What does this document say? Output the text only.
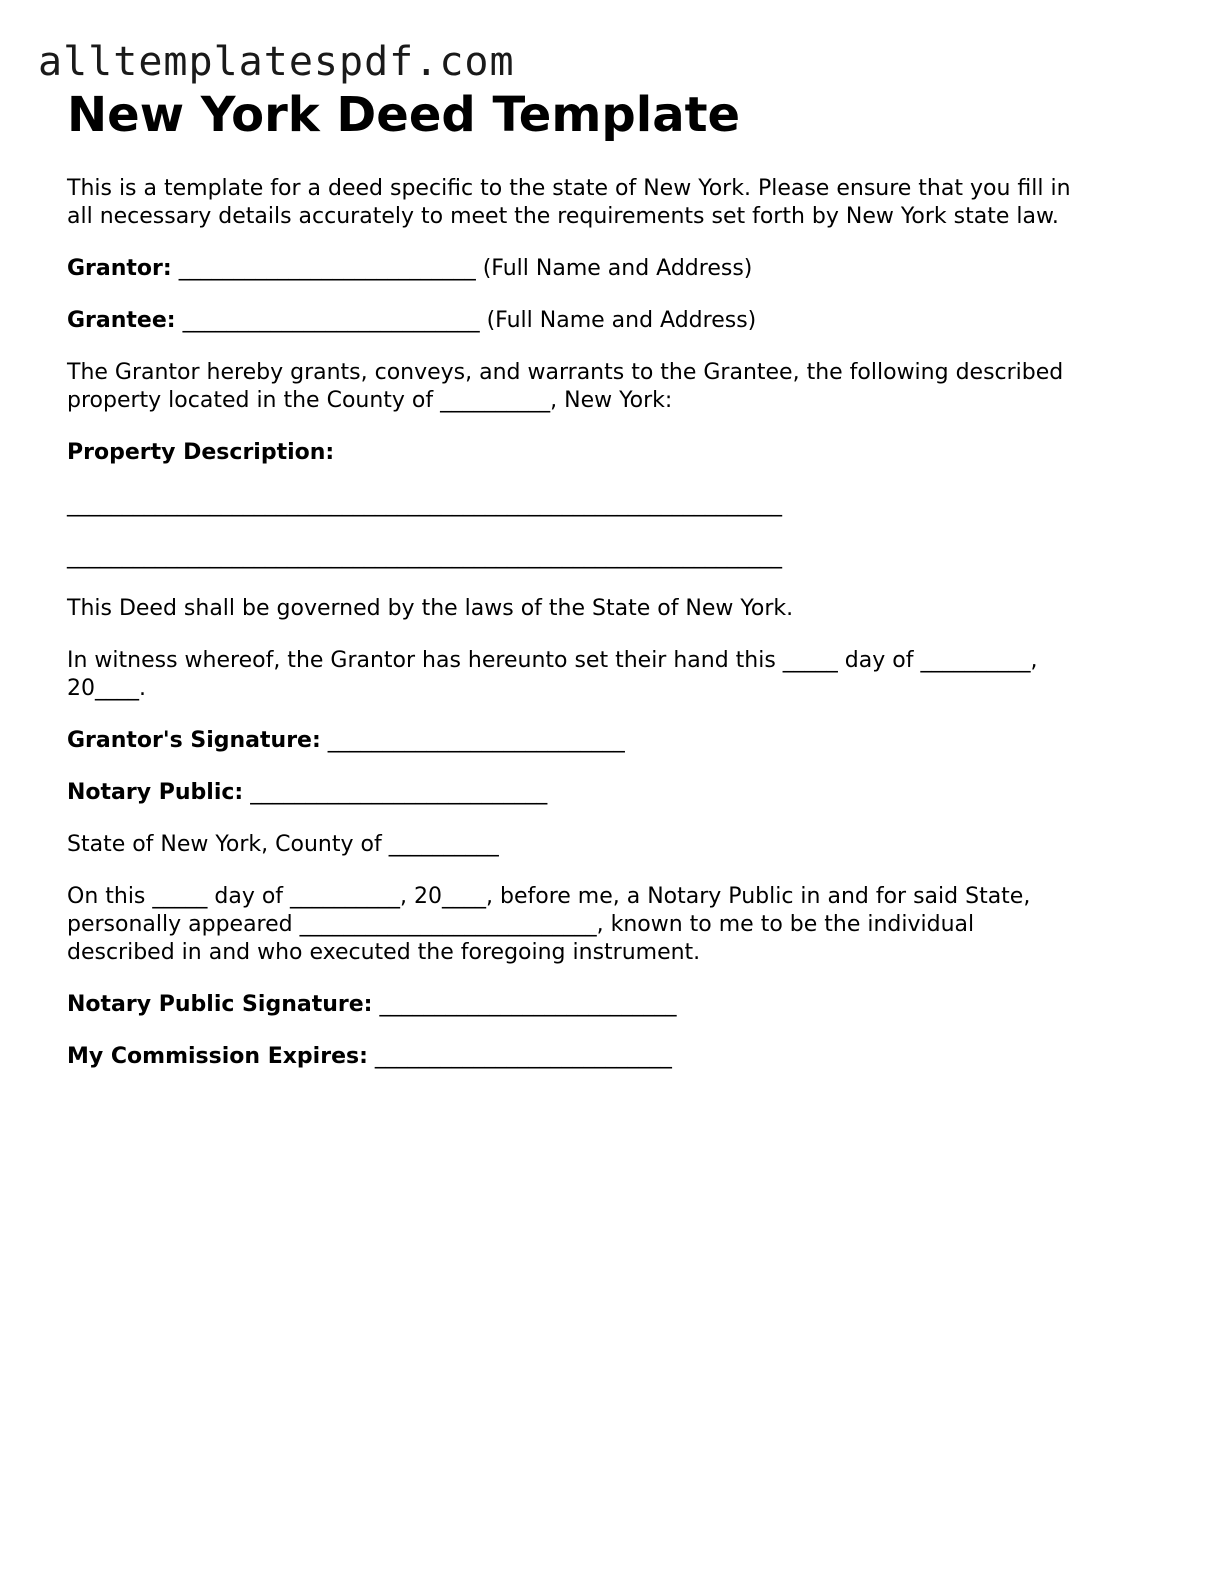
alltemplatespdf.com
New York Deed Template

This is a template for a deed specific to the state of New York. Please ensure that you fill in

all necessary details accurately to meet the requirements set forth by New York state law.

Grantor: ___________________________ (Full Name and Address)

Grantee: ___________________________ (Full Name and Address)

The Grantor hereby grants, conveys, and warrants to the Grantee, the following described

property located in the County of __________, New York:

Property Description:

_________________________________________________________________

_________________________________________________________________

This Deed shall be governed by the laws of the State of New York.

In witness whereof, the Grantor has hereunto set their hand this _____ day of __________,

20____.

Grantor's Signature: ___________________________

Notary Public: ___________________________

State of New York, County of __________

On this _____ day of __________, 20____, before me, a Notary Public in and for said State,

personally appeared ___________________________, known to me to be the individual

described in and who executed the foregoing instrument.

Notary Public Signature: ___________________________

My Commission Expires: ___________________________
